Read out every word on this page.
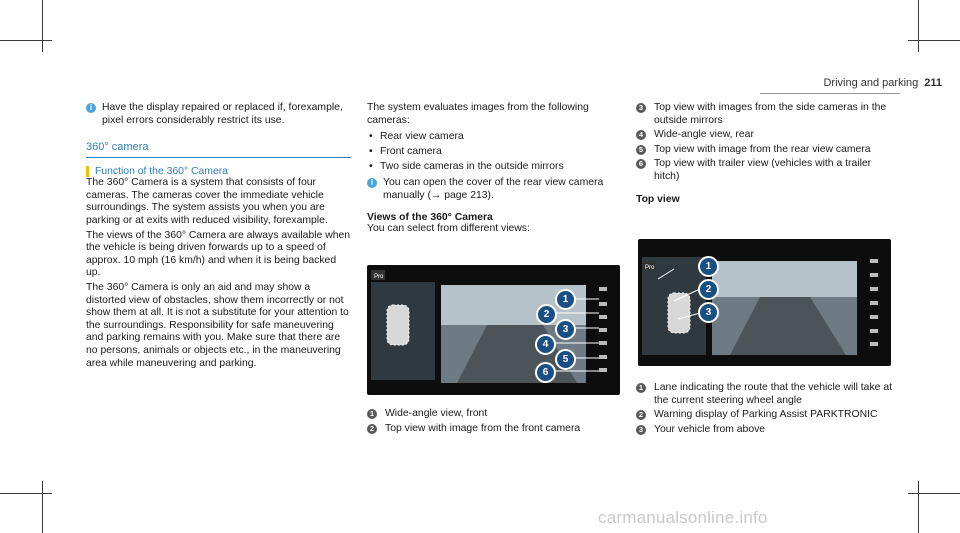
Driving and parking 211
i Have the display repaired or replaced if, forexample, pixel errors considerably restrict its use.

360° camera
Function of the 360° Camera

The 360° Camera is a system that consists of four cameras. The cameras cover the immediate vehicle surroundings. The system assists you when you are parking or at exits with reduced visibility, forexample.

The views of the 360° Camera are always available when the vehicle is being driven forwards up to a speed of approx. 10 mph (16 km/h) and when it is being backed up.

The 360° Camera is only an aid and may show a distorted view of obstacles, show them incorrectly or not show them at all. It is not a substitute for your attention to the surroundings. Responsibility for safe maneuvering and parking remains with you. Make sure that there are no persons, animals or objects etc., in the maneuvering area while maneuvering and parking.

The system evaluates images from the following cameras:

• Rear view camera
• Front camera
• Two side cameras in the outside mirrors
i You can open the cover of the rear view camera manually (→ page 213).

Views of the 360° Camera

You can select from different views:

Pro
1
2
3
4
5
6
1 Wide-angle view, front
2 Top view with image from the front camera
3 Top view with images from the side cameras in the outside mirrors
4 Wide-angle view, rear
5 Top view with image from the rear view camera
6 Top view with trailer view (vehicles with a trailer hitch)
Top view
Pro	1
2
3
1 Lane indicating the route that the vehicle will take at the current steering wheel angle
2 Warning display of Parking Assist PARKTRONIC
3 Your vehicle from above
carmanualsonline.info
